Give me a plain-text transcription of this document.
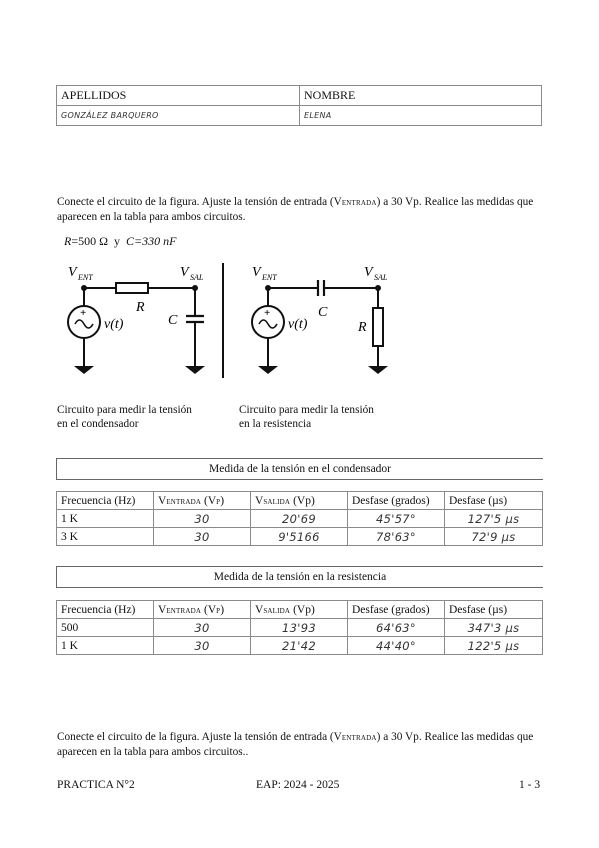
APELLIDOS	NOMBRE
GONZÁLEZ BARQUERO	ELENA
Conecte el circuito de la figura. Ajuste la tensión de entrada (VENTRADA) a 30 Vp. Realice las medidas que aparecen en la tabla para ambos circuitos.
R=500 Ω y C=330 nF
V ENT	V SAL
R
+
v(t)	C
V ENT	V SAL
C
+
v(t)	R
Circuito para medir la tensión
en el condensador
Circuito para medir la tensión
en la resistencia
Medida de la tensión en el condensador
Frecuencia (Hz)	VENTRADA (VP)	VSALIDA (Vp)	Desfase (grados)	Desfase (µs)
1 K	30	20'69	45'57°	127'5 µs
3 K	30	9'5166	78'63°	72'9 µs
Medida de la tensión en la resistencia
Frecuencia (Hz)	VENTRADA (VP)	VSALIDA (Vp)	Desfase (grados)	Desfase (µs)
500	30	13'93	64'63°	347'3 µs
1 K	30	21'42	44'40°	122'5 µs
Conecte el circuito de la figura. Ajuste la tensión de entrada (VENTRADA) a 30 Vp. Realice las medidas que aparecen en la tabla para ambos circuitos..
PRACTICA N°2	EAP: 2024 - 2025	1 - 3
